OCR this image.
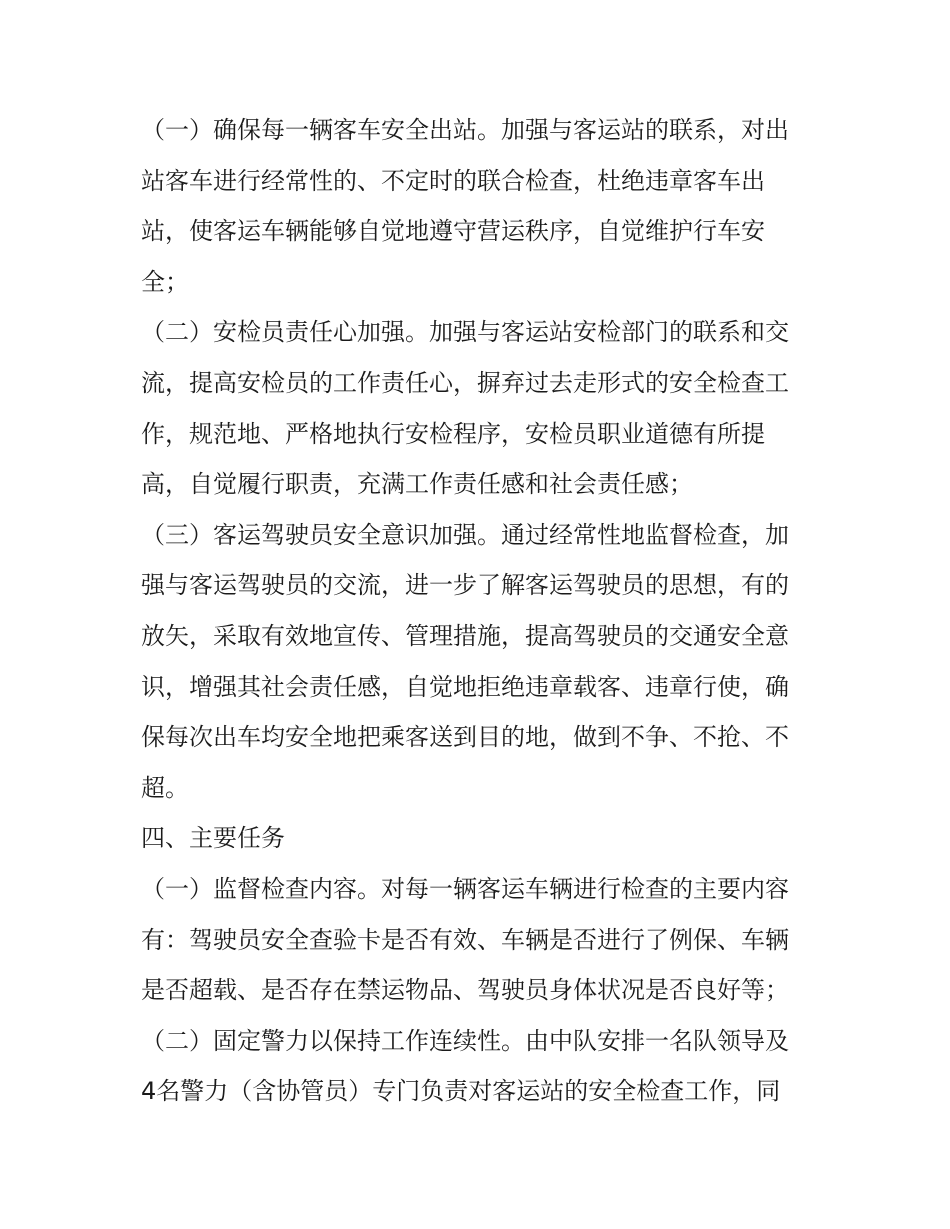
（一）确保每一辆客车安全出站。加强与客运站的联系，对出
站客车进行经常性的、不定时的联合检查，杜绝违章客车出
站，使客运车辆能够自觉地遵守营运秩序，自觉维护行车安
全；
（二）安检员责任心加强。加强与客运站安检部门的联系和交
流，提高安检员的工作责任心，摒弃过去走形式的安全检查工
作，规范地、严格地执行安检程序，安检员职业道德有所提
高，自觉履行职责，充满工作责任感和社会责任感；
（三）客运驾驶员安全意识加强。通过经常性地监督检查，加
强与客运驾驶员的交流，进一步了解客运驾驶员的思想，有的
放矢，采取有效地宣传、管理措施，提高驾驶员的交通安全意
识，增强其社会责任感，自觉地拒绝违章载客、违章行使，确
保每次出车均安全地把乘客送到目的地，做到不争、不抢、不
超。
四、主要任务
（一）监督检查内容。对每一辆客运车辆进行检查的主要内容
有：驾驶员安全查验卡是否有效、车辆是否进行了例保、车辆
是否超载、是否存在禁运物品、驾驶员身体状况是否良好等；
（二）固定警力以保持工作连续性。由中队安排一名队领导及
4名警力（含协管员）专门负责对客运站的安全检查工作，同
